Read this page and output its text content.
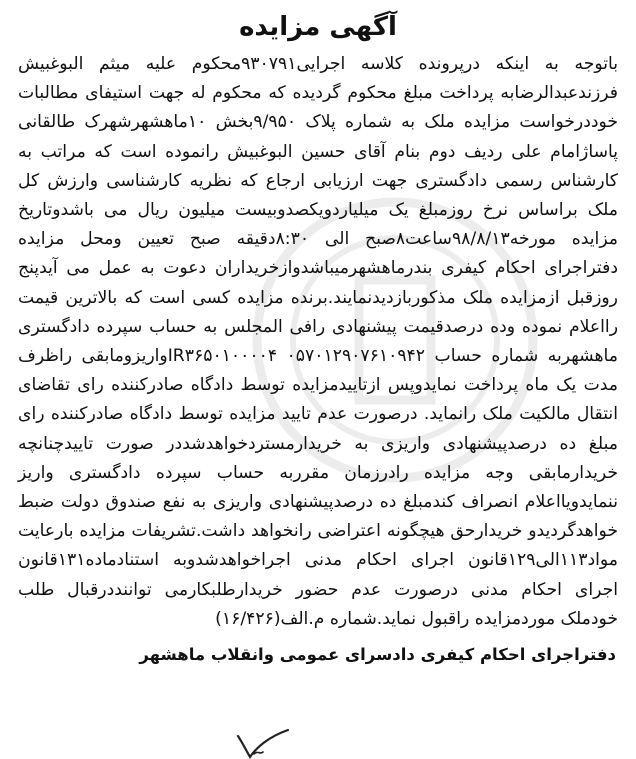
آگهی مزایده

باتوجه به اینکه درپرونده کلاسه اجرایی۹۳۰۷۹۱محکوم علیه میثم البوغبیش فرزندعبدالرضابه پرداخت مبلغ محکوم گردیده که محکوم له جهت استیفای مطالبات خوددرخواست مزایده ملک به شماره پلاک ۹/۹۵۰بخش ۱۰ماهشهرشهرک طالقانی پاساژامام علی ردیف دوم بنام آقای حسین البوغبیش رانموده است که مراتب به کارشناس رسمی دادگستری جهت ارزیابی ارجاع که نظریه کارشناسی وارزش کل ملک براساس نرخ روزمبلغ یک میلیاردویکصدوبیست میلیون ریال می باشدوتاریخ مزایده مورخه۹۸/۸/۱۳ساعت۸صبح الی ۸:۳۰دقیقه صبح تعیین ومحل مزایده دفتراجرای احکام کیفری بندرماهشهرمیباشدوازخریداران دعوت به عمل می آیدپنج روزقبل ازمزایده ملک مذکوربازدیدنمایند.برنده مزایده کسی است که بالاترین قیمت رااعلام نموده وده درصدقیمت پیشنهادی رافی المجلس به حساب سپرده دادگستری ماهشهربه شماره حساب IR۳۶۵۰۱۰۰۰۰۴ ۰۵۷۰۱۲۹۰۷۶۱۰۹۴۲واریزومابقی راظرف مدت یک ماه پرداخت نمایدوپس ازتاییدمزایده توسط دادگاه صادرکننده رای تقاضای انتقال مالکیت ملک رانماید. درصورت عدم تایید مزایده توسط دادگاه صادرکننده رای مبلغ ده درصدپیشنهادی واریزی به خریدارمستردخواهدشددر صورت تاییدچنانچه خریدارمابقی وجه مزایده رادرزمان مقرربه حساب سپرده دادگستری واریز ننمایدویااعلام انصراف کندمبلغ ده درصدپیشنهادی واریزی به نفع صندوق دولت ضبط خواهدگردیدو خریدارحق هیچگونه اعتراضی رانخواهد داشت.تشریفات مزایده بارعایت مواد۱۱۳الی۱۲۹قانون اجرای احکام مدنی اجراخواهدشدوبه استنادماده۱۳۱قانون اجرای احکام مدنی درصورت عدم حضور خریدارطلبکارمی تواننددرقبال طلب خودملک موردمزایده راقبول نماید.شماره م.الف(۱۶/۴۲۶)

دفتراجرای احکام کیفری دادسرای عمومی وانقلاب ماهشهر
